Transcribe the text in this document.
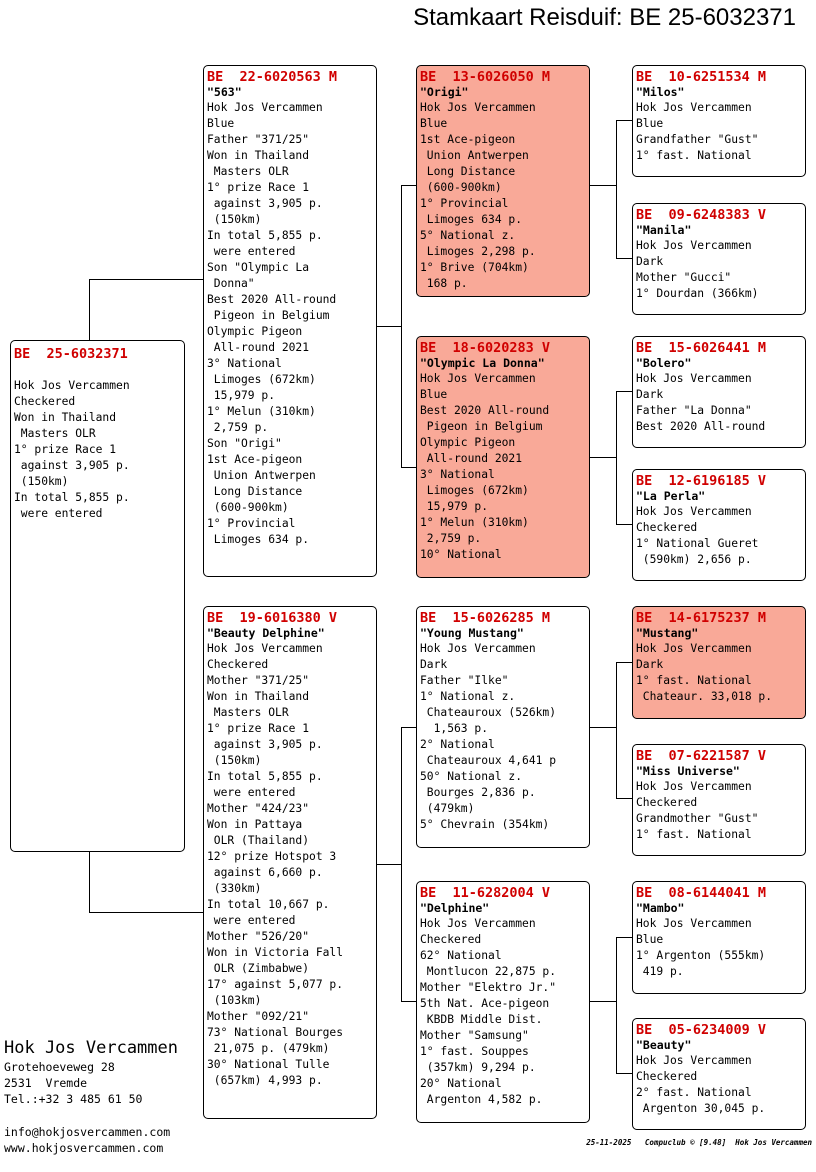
Stamkaart Reisduif: BE 25-6032371
BE  25-6032371
Hok Jos Vercammen
Checkered
Won in Thailand
Masters OLR
1° prize Race 1
against 3,905 p.
(150km)
In total 5,855 p.
were entered
BE  22-6020563 M
"563"
Hok Jos Vercammen
Blue
Father "371/25"
Won in Thailand
Masters OLR
1° prize Race 1
against 3,905 p.
(150km)
In total 5,855 p.
were entered
Son "Olympic La
Donna"
Best 2020 All-round
Pigeon in Belgium
Olympic Pigeon
All-round 2021
3° National
Limoges (672km)
15,979 p.
1° Melun (310km)
2,759 p.
Son "Origi"
1st Ace-pigeon
Union Antwerpen
Long Distance
(600-900km)
1° Provincial
Limoges 634 p.
BE  19-6016380 V
"Beauty Delphine"
Hok Jos Vercammen
Checkered
Mother "371/25"
Won in Thailand
Masters OLR
1° prize Race 1
against 3,905 p.
(150km)
In total 5,855 p.
were entered
Mother "424/23"
Won in Pattaya
OLR (Thailand)
12° prize Hotspot 3
against 6,660 p.
(330km)
In total 10,667 p.
were entered
Mother "526/20"
Won in Victoria Fall
OLR (Zimbabwe)
17° against 5,077 p.
(103km)
Mother "092/21"
73° National Bourges
21,075 p. (479km)
30° National Tulle
(657km) 4,993 p.
BE  13-6026050 M
"Origi"
Hok Jos Vercammen
Blue
1st Ace-pigeon
Union Antwerpen
Long Distance
(600-900km)
1° Provincial
Limoges 634 p.
5° National z.
Limoges 2,298 p.
1° Brive (704km)
168 p.
BE  18-6020283 V
"Olympic La Donna"
Hok Jos Vercammen
Blue
Best 2020 All-round
Pigeon in Belgium
Olympic Pigeon
All-round 2021
3° National
Limoges (672km)
15,979 p.
1° Melun (310km)
2,759 p.
10° National
BE  15-6026285 M
"Young Mustang"
Hok Jos Vercammen
Dark
Father "Ilke"
1° National z.
Chateauroux (526km)
1,563 p.
2° National
Chateauroux 4,641 p
50° National z.
Bourges 2,836 p.
(479km)
5° Chevrain (354km)
BE  11-6282004 V
"Delphine"
Hok Jos Vercammen
Checkered
62° National
Montlucon 22,875 p.
Mother "Elektro Jr."
5th Nat. Ace-pigeon
KBDB Middle Dist.
Mother "Samsung"
1° fast. Souppes
(357km) 9,294 p.
20° National
Argenton 4,582 p.
BE  10-6251534 M
"Milos"
Hok Jos Vercammen
Blue
Grandfather "Gust"
1° fast. National
BE  09-6248383 V
"Manila"
Hok Jos Vercammen
Dark
Mother "Gucci"
1° Dourdan (366km)
BE  15-6026441 M
"Bolero"
Hok Jos Vercammen
Dark
Father "La Donna"
Best 2020 All-round
BE  12-6196185 V
"La Perla"
Hok Jos Vercammen
Checkered
1° National Gueret
(590km) 2,656 p.
BE  14-6175237 M
"Mustang"
Hok Jos Vercammen
Dark
1° fast. National
Chateaur. 33,018 p.
BE  07-6221587 V
"Miss Universe"
Hok Jos Vercammen
Checkered
Grandmother "Gust"
1° fast. National
BE  08-6144041 M
"Mambo"
Hok Jos Vercammen
Blue
1° Argenton (555km)
419 p.
BE  05-6234009 V
"Beauty"
Hok Jos Vercammen
Checkered
2° fast. National
Argenton 30,045 p.
Hok Jos Vercammen
Grotehoeveweg 28
2531  Vremde
Tel.:+32 3 485 61 50
info@hokjosvercammen.com
www.hokjosvercammen.com	25-11-2025   Compuclub © [9.48]  Hok Jos Vercammen
